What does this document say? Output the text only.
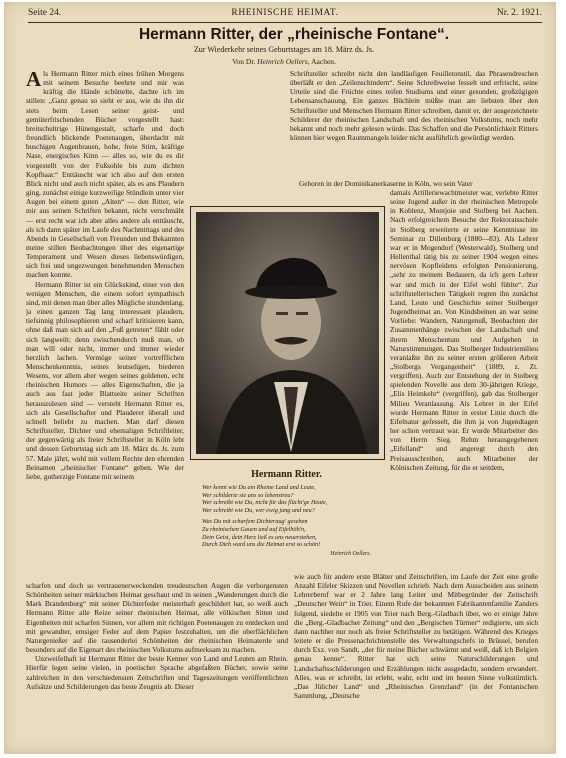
Seite 24.	RHEINISCHE HEIMAT.	Nr. 2. 1921.
Hermann Ritter, der „rheinische Fontane“.
Zur Wiederkehr seines Geburtstages am 18. März ds. Js.
Von Dr. Heinrich Oellers, Aachen.

Als Hermann Ritter mich eines frühen Morgens mit seinem Besuche beehrte und mir was kräftig die Hände schüttelte, dachte ich im stillen: „Ganz genau so sieht er aus, wie du ihn dir stets beim Lesen seiner geist- und gemüterfrischenden Bücher vorgestellt hast: breitschultrige Hünengestalt, scharfe und doch freundlich blickende Poetenaugen, überdacht mit buschigen Augenbrauen, hohe, freie Stirn, kräftige Nase, energisches Kinn — alles so, wie du es dir vorgestellt von der Fußsohle bis zum dichten Kopfhaar.“ Enttäuscht war ich also auf den ersten Blick nicht und auch nicht später, als es ans Plaudern ging, zunächst einige kurzweilige Stündlein unter vier Augen bei einem guten „Alten“ — den Ritter, wie mir aus seinen Schriften bekannt, nicht verschmäht — erst recht war ich aber alles andere als enttäuscht, als ich dann später im Laufe des Nachmittags und des Abends in Gesellschaft von Freunden und Bekannten meine stillen Beobachtungen über des eigenartige Temperament und Wesen dieses liebenswürdigen, sich frei und ungezwungen benehmenden Menschen machen konnte.

Hermann Ritter ist ein Glückskind, einer von den wenigen Menschen, die einem sofort sympathisch sind, mit denen man über alles Mögliche stundenlang, ja einen ganzen Tag lang interessant plaudern, tiefsinnig philosophieren und scharf kritisieren kann, ohne daß man sich auf den „Fuß getreten“ fühlt oder sich langweilt; denn zwischendurch muß man, ob man will oder nicht, immer und immer wieder herzlich lachen. Vermöge seiner vortrefflichen Menschenkenntnis, seines leutseligen, biederen Wesens, vor allem aber wegen seines goldenen, echt rheinischen Humors — alles Eigenschaften, die ja auch aus fast jeder Blattseite seiner Schriften herauszulesen sind — versteht Hermann Ritter es, sich als Gesellschafter und Plauderer überall und schnell beliebt zu machen. Man darf diesen Schriftsteller, Dichter und ehemaligen Schriftleiter, der gegenwärtig als freier Schriftsteller in Köln lebt und dessen Geburtstag sich am 18. März ds. Js. zum 57. Male jährt, wohl mit vollem Rechte den ehrenden Beinamen „rheinischer Fontane“ geben. Wie der liebe, gutherzige Fontane mit seinem

Schriftsteller schreibt nicht den landläufigen Feuilletonstil, das Phrasendreschen überläßt er den „Zeilenschindern“. Seine Schreibweise fesselt und erfrischt, seine Urteile sind die Früchte eines reifen Studiums und einer gesunden, großzügigen Lebensanschauung. Ein ganzes Büchlein müßte man am liebsten über den Schriftsteller und Menschen Hermann Ritter schreiben, damit er, der ausgezeichnete Schilderer der rheinischen Landschaft und des rheinischen Volkstums, noch mehr bekannt und noch mehr gelesen würde. Das Schaffen und die Persönlichkeit Ritters können hier wegen Raummangels leider nicht ausführlich gewürdigt werden.

damals Artilleriewachtmeister war, verlebte Ritter seine Jugend außer in der rheinischen Metropole in Koblenz, Montjoie und Stolberg bei Aachen. Nach erfolgreichem Besuche der Rektoratsschule in Stolberg erweiterte er seine Kenntnisse im Seminar zu Dillenburg (1880—83). Als Lehrer war er in Mogendorf (Westerwald), Stolberg und Hellenthal tätig bis zu seiner 1904 wegen eines nervösen Kopfleidens erfolgten Pensionierung, „sehr zu meinem Bedauern, da ich gern Lehrer war und mich in der Eifel wohl fühlte“. Zur schriftstellerischen Tätigkeit regten ihn zunächst Land, Leute und Geschichte seiner Stolberger Jugendheimat an. Von Kindsbeinen an war seine Vorliebe: Wandern, Naturgenuß, Beobachten der Zusammenhänge zwischen der Landschaft und ihrem Menschentum und Aufgehen in Naturstimmungen. Das Stolberger Industriemilieu veranlaßte ihn zu seiner ersten größeren Arbeit „Stolbergs Vergangenheit“ (1889, z. Zt. vergriffen). Auch zur Entstehung der in Stolberg spielenden Novelle aus dem 30-jährigen Kriege, „Elis Heimkehr“ (vergriffen), gab das Stolberger Milieu Veranlassung. Als Lehrer in der Eifel wurde Hermann Ritter in erster Linie durch die Eifelnatur gefesselt, die ihm ja von Jugendtagen her schon vertraut war. Er wurde Mitarbeiter des von Herrn Sieg. Rehm herausgegebenen „Eifelland“ und angeregt durch den Preisausschreiben, auch Mitarbeiter der Kölnischen Zeitung, für die er seitdem,

Hermann Ritter.
Wer kennt wie Du am Rheine Land und Leute,
Wer schilderte sie uns so lebenstreu?
Wer schreibt wie Du, nicht für das flücht'ge Heute,
Wer schreibt wie Du, wer ewig jung und neu?
Was Du mit scharfem Dichteraug' gesehen
Zu rheinischen Gauen und auf Eifelhöh'n,
Dein Geist, dein Herz ließ es uns neuerstehen,
Durch Dich ward uns die Heimat erst so schön!
Heinrich Oellers.

scharfen und doch so vertrauenerweckenden treudeutschen Augen die verborgensten Schönheiten seiner märkischen Heimat geschaut und in seinen „Wanderungen durch die Mark Brandenburg“ mit seiner Dichterfeder meisterhaft geschildert hat, so weiß auch Hermann Ritter alle Reize seiner rheinischen Heimat, alle völkischen Sitten und Eigenheiten mit scharfen Sinnen, vor allem mit richtigen Poetenaugen zu entdecken und mit gewandter, emsiger Feder auf dem Papier festzuhalten, um die oberflächlichen Naturgenießer auf die tausenderlei Schönheiten der rheinischen Heimaterde und besonders auf die Eigenart des rheinischen Volkstums aufmerksam zu machen.

Unzweifelhaft ist Hermann Ritter der beste Kenner von Land und Leuten am Rhein. Hierfür legen seine vielen, in poetischer Sprache abgefaßten Bücher, sowie seine zahlreichen in den verschiedensten Zeitschriften und Tageszeitungen veröffentlichten Aufsätze und Schilderungen das beste Zeugnis ab. Dieser

wie auch für andere erste Blätter und Zeitschriften, im Laufe der Zeit eine große Anzahl Eifeler Skizzen und Novellen schrieb. Nach dem Ausscheiden aus seinem Lehrerberuf war er 2 Jahre lang Leiter und Mitbegründer der Zeitschrift „Deutscher Wein“ in Trier. Einem Rufe der bekannten Fabrikantenfamilie Zanders folgend, siedelte er 1905 von Trier nach Berg.-Gladbach über, wo er einige Jahre die „Berg.-Gladbacher Zeitung“ und den „Bergischen Türmer“ redigierte, um sich dann nachher nur noch als freier Schriftsteller zu betätigen. Während des Krieges leitete er die Pressenachrichtenstelle des Verwaltungschefs in Brüssel, berufen durch Exz. von Sandt, „der für meine Bücher schwärmt und weiß, daß ich Belgien genau kenne“. Ritter hat sich seine Naturschilderungen und Landschaftsschilderungen und Erzählungen nicht ausgedacht, sondern erwandert. Alles, was er schreibt, ist erlebt, wahr, echt und im besten Sinne volkstümlich. „Das Jülicher Land“ und „Rheinisches Grenzland“ (in der Fontanischen Sammlung, „Deutsche

Geboren in der Dominikanerkaserne in Köln, wo sein Vater
